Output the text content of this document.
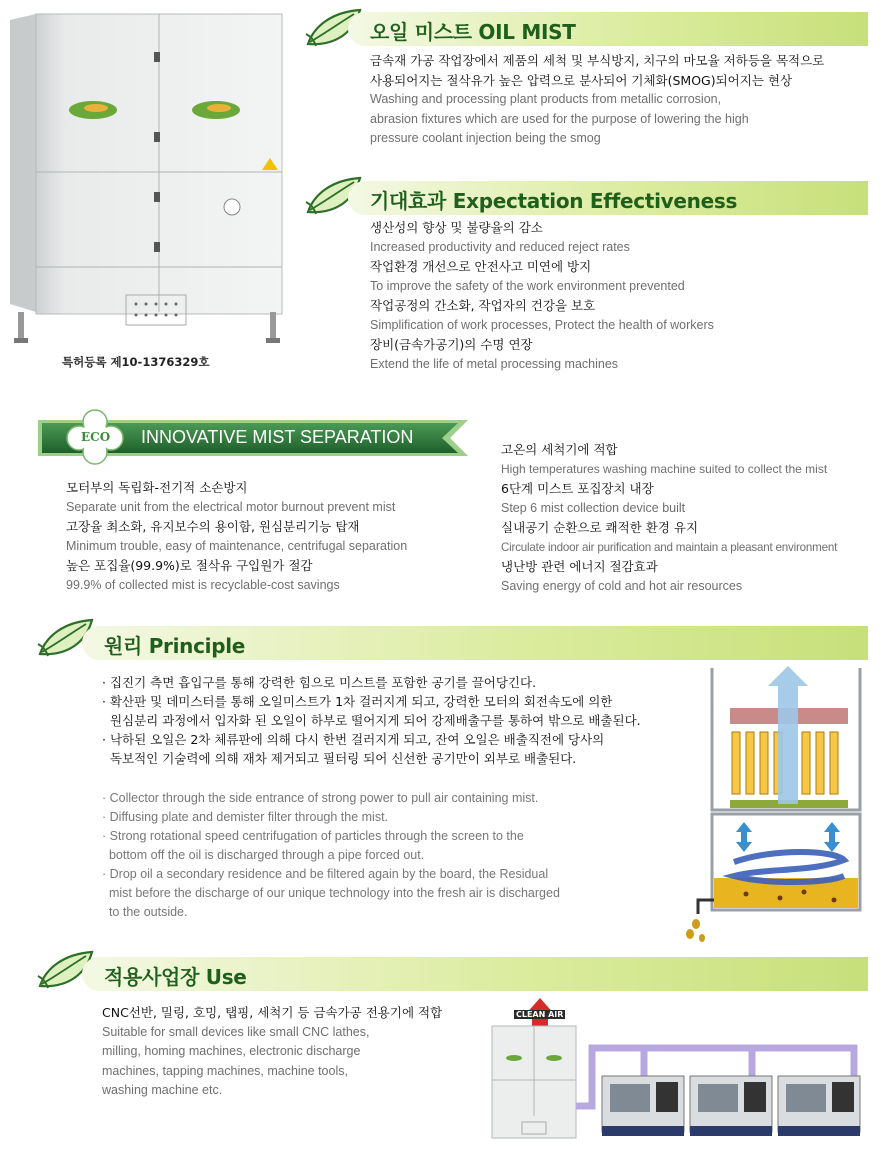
특허등록 제10-1376329호
오일 미스트 OIL MIST
금속재 가공 작업장에서 제품의 세척 및 부식방지, 치구의 마모율 저하등을 목적으로
사용되어지는 절삭유가 높은 압력으로 분사되어 기체화(SMOG)되어지는 현상
Washing and processing plant products from metallic corrosion,
abrasion fixtures which are used for the purpose of lowering the high
pressure coolant injection being the smog
기대효과 Expectation Effectiveness
생산성의 향상 및 불량율의 감소
Increased productivity and reduced reject rates
작업환경 개선으로 안전사고 미연에 방지
To improve the safety of the work environment prevented
작업공정의 간소화, 작업자의 건강을 보호
Simplification of work processes, Protect the health of workers
장비(금속가공기)의 수명 연장
Extend the life of metal processing machines
ECO INNOVATIVE MIST SEPARATION
모터부의 독립화-전기적 소손방지
Separate unit from the electrical motor burnout prevent mist
고장율 최소화, 유지보수의 용이함, 원심분리기능 탑재
Minimum trouble, easy of maintenance, centrifugal separation
높은 포집율(99.9%)로 절삭유 구입원가 절감
99.9% of collected mist is recyclable-cost savings
고온의 세척기에 적합
High temperatures washing machine suited to collect the mist
6단계 미스트 포집장치 내장
Step 6 mist collection device built
실내공기 순환으로 쾌적한 환경 유지
Circulate indoor air purification and maintain a pleasant environment
냉난방 관련 에너지 절감효과
Saving energy of cold and hot air resources
원리 Principle
· 집진기 측면 흡입구를 통해 강력한 힘으로 미스트를 포함한 공기를 끌어당긴다.
· 확산판 및 데미스터를 통해 오일미스트가 1차 걸러지게 되고, 강력한 모터의 회전속도에 의한
원심분리 과정에서 입자화 된 오일이 하부로 떨어지게 되어 강제배출구를 통하여 밖으로 배출된다.
· 낙하된 오일은 2차 체류판에 의해 다시 한번 걸러지게 되고, 잔여 오일은 배출직전에 당사의
독보적인 기술력에 의해 재차 제거되고 필터링 되어 신선한 공기만이 외부로 배출된다.
· Collector through the side entrance of strong power to pull air containing mist.
· Diffusing plate and demister filter through the mist.
· Strong rotational speed centrifugation of particles through the screen to the
bottom off the oil is discharged through a pipe forced out.
· Drop oil a secondary residence and be filtered again by the board, the Residual
mist before the discharge of our unique technology into the fresh air is discharged
to the outside.
적용사업장 Use
CNC선반, 밀링, 호밍, 탭핑, 세척기 등 금속가공 전용기에 적합
Suitable for small devices like small CNC lathes,
milling, homing machines, electronic discharge
machines, tapping machines, machine tools,
washing machine etc.
CLEAN AIR
